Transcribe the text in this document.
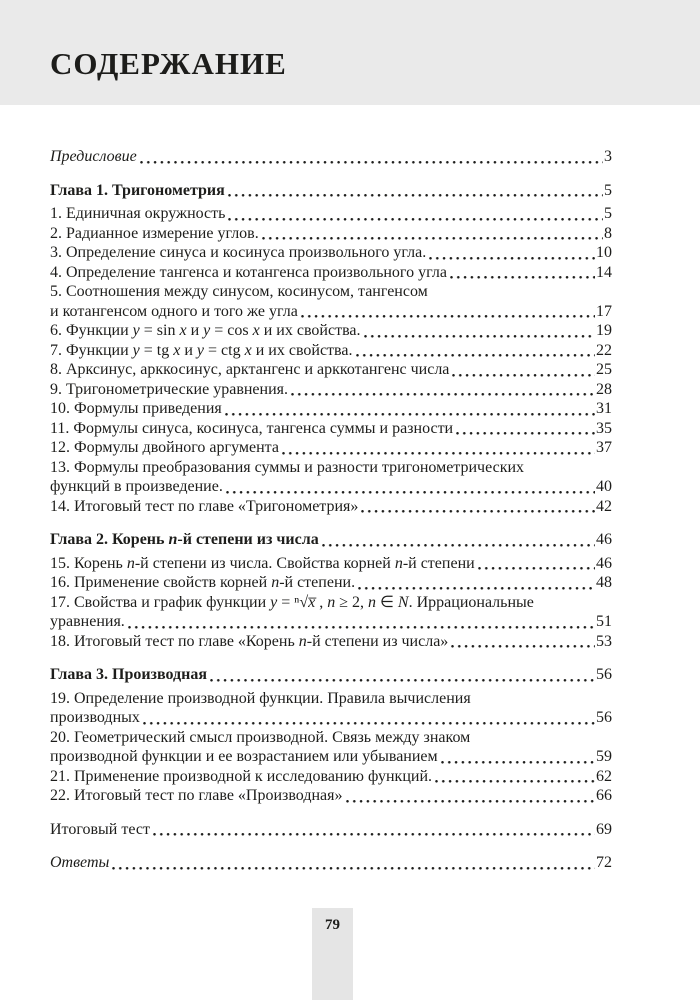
СОДЕРЖАНИЕ
Предисловие	3
Глава 1. Тригонометрия	5
1. Единичная окружность	5
2. Радианное измерение углов.	8
3. Определение синуса и косинуса произвольного угла.	10
4. Определение тангенса и котангенса произвольного угла	14
5. Соотношения между синусом, косинусом, тангенсом
и котангенсом одного и того же угла	17
6. Функции y = sin x и y = cos x и их свойства.	19
7. Функции y = tg x и y = ctg x и их свойства.	22
8. Арксинус, арккосинус, арктангенс и арккотангенс числа	25
9. Тригонометрические уравнения.	28
10. Формулы приведения	31
11. Формулы синуса, косинуса, тангенса суммы и разности	35
12. Формулы двойного аргумента	37
13. Формулы преобразования суммы и разности тригонометрических
функций в произведение.	40
14. Итоговый тест по главе «Тригонометрия»	42
Глава 2. Корень n-й степени из числа	46
15. Корень n-й степени из числа. Свойства корней n-й степени	46
16. Применение свойств корней n-й степени.	48
17. Свойства и график функции y = ⁿ√x̅ , n ≥ 2, n ∈ N. Иррациональные
уравнения.	51
18. Итоговый тест по главе «Корень n-й степени из числа»	53
Глава 3. Производная	56
19. Определение производной функции. Правила вычисления
производных	56
20. Геометрический смысл производной. Связь между знаком
производной функции и ее возрастанием или убыванием	59
21. Применение производной к исследованию функций.	62
22. Итоговый тест по главе «Производная»	66
Итоговый тест	69
Ответы	72
79
